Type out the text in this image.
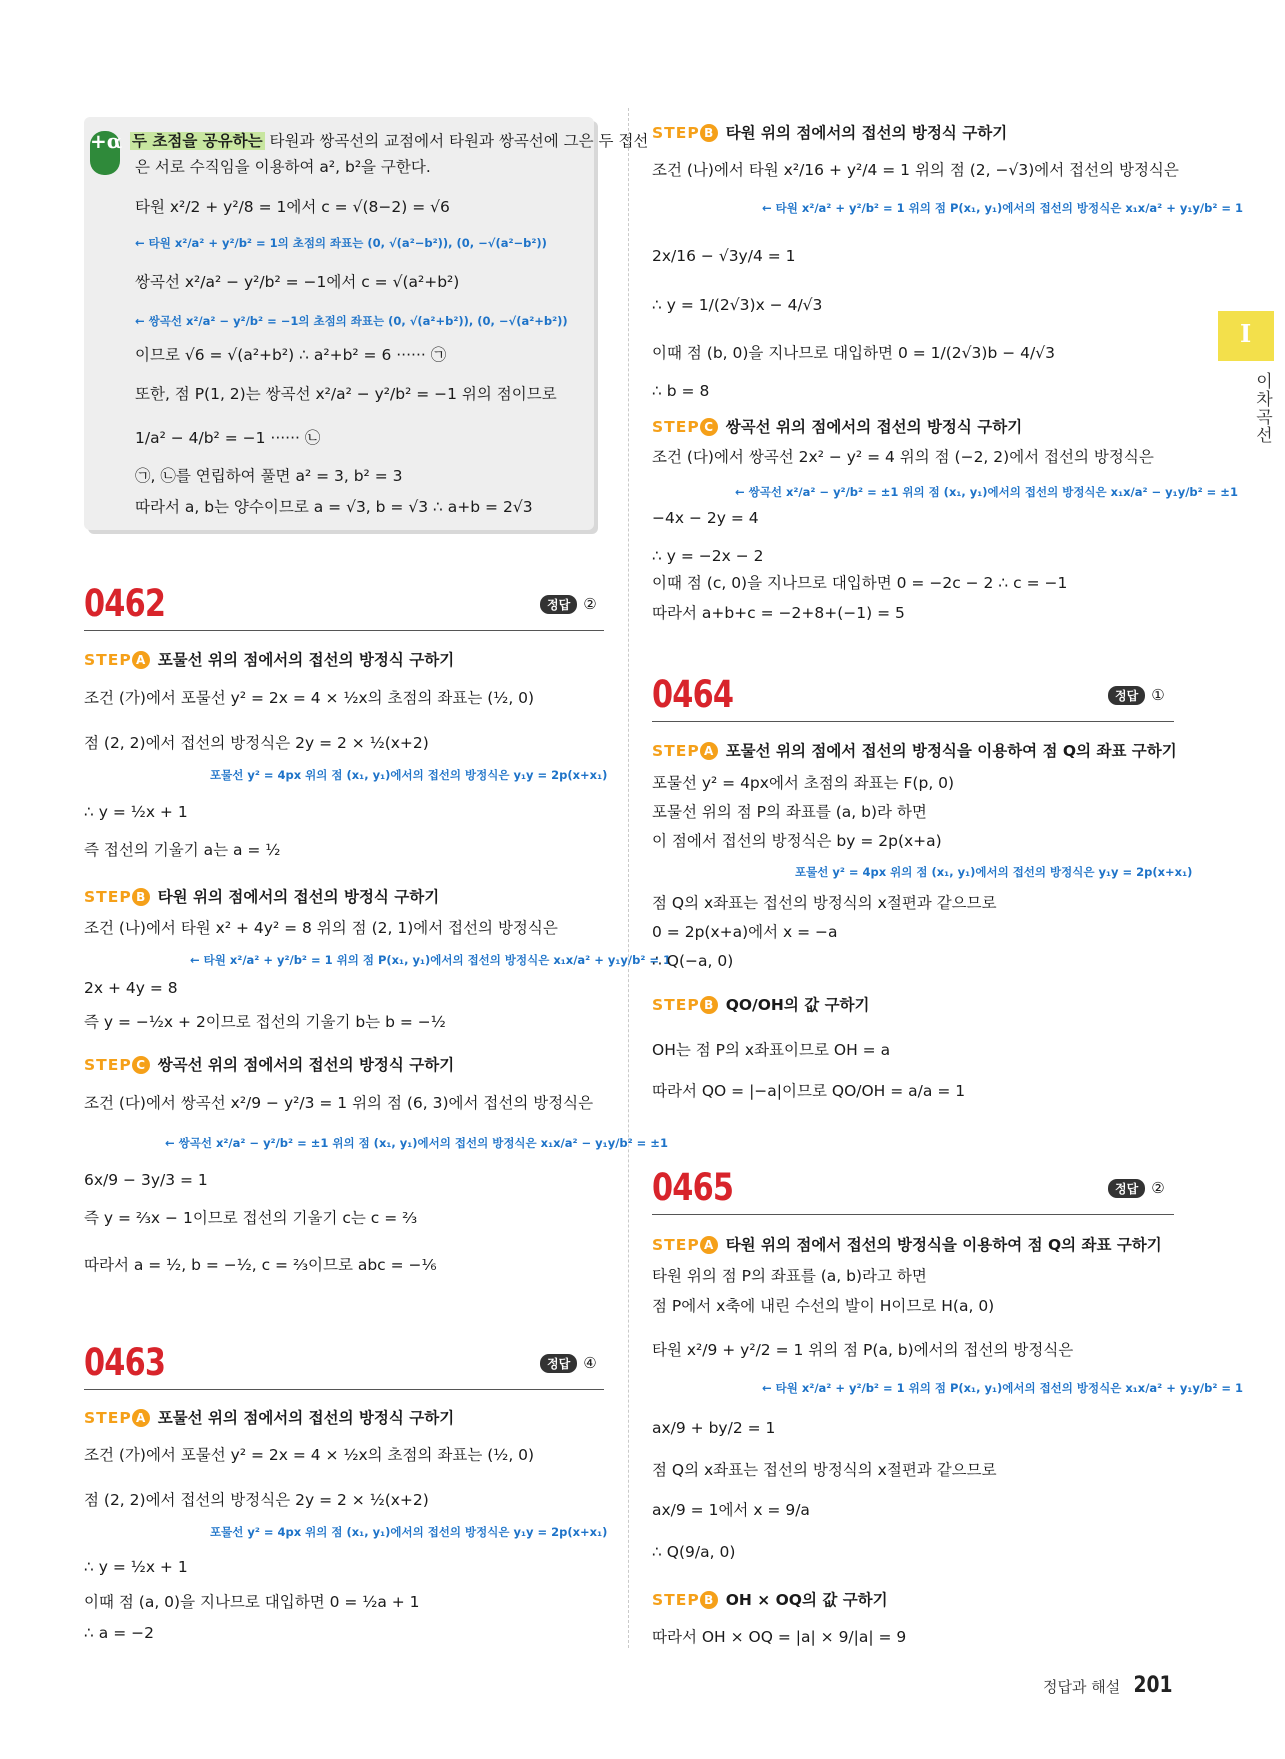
+α 두 초점을 공유하는 타원과 쌍곡선의 교점에서 타원과 쌍곡선에 그은 두 접선
은 서로 수직임을 이용하여 a², b²을 구한다.
타원 x²/2 + y²/8 = 1에서 c = √(8−2) = √6
← 타원 x²/a² + y²/b² = 1의 초점의 좌표는 (0, √(a²−b²)), (0, −√(a²−b²))
쌍곡선 x²/a² − y²/b² = −1에서 c = √(a²+b²)
← 쌍곡선 x²/a² − y²/b² = −1의 초점의 좌표는 (0, √(a²+b²)), (0, −√(a²+b²))
이므로 √6 = √(a²+b²) ∴ a²+b² = 6 ······ ㉠
또한, 점 P(1, 2)는 쌍곡선 x²/a² − y²/b² = −1 위의 점이므로
1/a² − 4/b² = −1 ······ ㉡
㉠, ㉡를 연립하여 풀면 a² = 3, b² = 3
따라서 a, b는 양수이므로 a = √3, b = √3 ∴ a+b = 2√3
0462	정답 ②
STEP A 포물선 위의 점에서의 접선의 방정식 구하기
조건 (가)에서 포물선 y² = 2x = 4 × ½x의 초점의 좌표는 (½, 0)
점 (2, 2)에서 접선의 방정식은 2y = 2 × ½(x+2)
포물선 y² = 4px 위의 점 (x₁, y₁)에서의 접선의 방정식은 y₁y = 2p(x+x₁)
∴ y = ½x + 1
즉 접선의 기울기 a는 a = ½
STEP B 타원 위의 점에서의 접선의 방정식 구하기
조건 (나)에서 타원 x² + 4y² = 8 위의 점 (2, 1)에서 접선의 방정식은
← 타원 x²/a² + y²/b² = 1 위의 점 P(x₁, y₁)에서의 접선의 방정식은 x₁x/a² + y₁y/b² = 1
2x + 4y = 8
즉 y = −½x + 2이므로 접선의 기울기 b는 b = −½
STEP C 쌍곡선 위의 점에서의 접선의 방정식 구하기
조건 (다)에서 쌍곡선 x²/9 − y²/3 = 1 위의 점 (6, 3)에서 접선의 방정식은
← 쌍곡선 x²/a² − y²/b² = ±1 위의 점 (x₁, y₁)에서의 접선의 방정식은 x₁x/a² − y₁y/b² = ±1
6x/9 − 3y/3 = 1
즉 y = ⅔x − 1이므로 접선의 기울기 c는 c = ⅔
따라서 a = ½, b = −½, c = ⅔이므로 abc = −⅙
STEP B 타원 위의 점에서의 접선의 방정식 구하기
조건 (나)에서 타원 x²/16 + y²/4 = 1 위의 점 (2, −√3)에서 접선의 방정식은
← 타원 x²/a² + y²/b² = 1 위의 점 P(x₁, y₁)에서의 접선의 방정식은 x₁x/a² + y₁y/b² = 1
2x/16 − √3y/4 = 1
∴ y = 1/(2√3)x − 4/√3
이때 점 (b, 0)을 지나므로 대입하면 0 = 1/(2√3)b − 4/√3
∴ b = 8
STEP C 쌍곡선 위의 점에서의 접선의 방정식 구하기
조건 (다)에서 쌍곡선 2x² − y² = 4 위의 점 (−2, 2)에서 접선의 방정식은
← 쌍곡선 x²/a² − y²/b² = ±1 위의 점 (x₁, y₁)에서의 접선의 방정식은 x₁x/a² − y₁y/b² = ±1
−4x − 2y = 4
∴ y = −2x − 2
이때 점 (c, 0)을 지나므로 대입하면 0 = −2c − 2 ∴ c = −1
따라서 a+b+c = −2+8+(−1) = 5
0464	정답 ①
STEP A 포물선 위의 점에서 접선의 방정식을 이용하여 점 Q의 좌표 구하기
포물선 y² = 4px에서 초점의 좌표는 F(p, 0)
포물선 위의 점 P의 좌표를 (a, b)라 하면
이 점에서 접선의 방정식은 by = 2p(x+a)
포물선 y² = 4px 위의 점 (x₁, y₁)에서의 접선의 방정식은 y₁y = 2p(x+x₁)
점 Q의 x좌표는 접선의 방정식의 x절편과 같으므로
0 = 2p(x+a)에서 x = −a
∴ Q(−a, 0)
STEP B QO/OH의 값 구하기
OH는 점 P의 x좌표이므로 OH = a
따라서 QO = |−a|이므로 QO/OH = a/a = 1
0465	정답 ②
STEP A 타원 위의 점에서 접선의 방정식을 이용하여 점 Q의 좌표 구하기
타원 위의 점 P의 좌표를 (a, b)라고 하면
점 P에서 x축에 내린 수선의 발이 H이므로 H(a, 0)
타원 x²/9 + y²/2 = 1 위의 점 P(a, b)에서의 접선의 방정식은
← 타원 x²/a² + y²/b² = 1 위의 점 P(x₁, y₁)에서의 접선의 방정식은 x₁x/a² + y₁y/b² = 1
ax/9 + by/2 = 1
점 Q의 x좌표는 접선의 방정식의 x절편과 같으므로
ax/9 = 1에서 x = 9/a
∴ Q(9/a, 0)
STEP B OH × OQ의 값 구하기
따라서 OH × OQ = |a| × 9/|a| = 9
0463	정답 ④
STEP A 포물선 위의 점에서의 접선의 방정식 구하기
조건 (가)에서 포물선 y² = 2x = 4 × ½x의 초점의 좌표는 (½, 0)
점 (2, 2)에서 접선의 방정식은 2y = 2 × ½(x+2)
포물선 y² = 4px 위의 점 (x₁, y₁)에서의 접선의 방정식은 y₁y = 2p(x+x₁)
∴ y = ½x + 1
이때 점 (a, 0)을 지나므로 대입하면 0 = ½a + 1
∴ a = −2
I
이차곡선
정답과 해설 201
